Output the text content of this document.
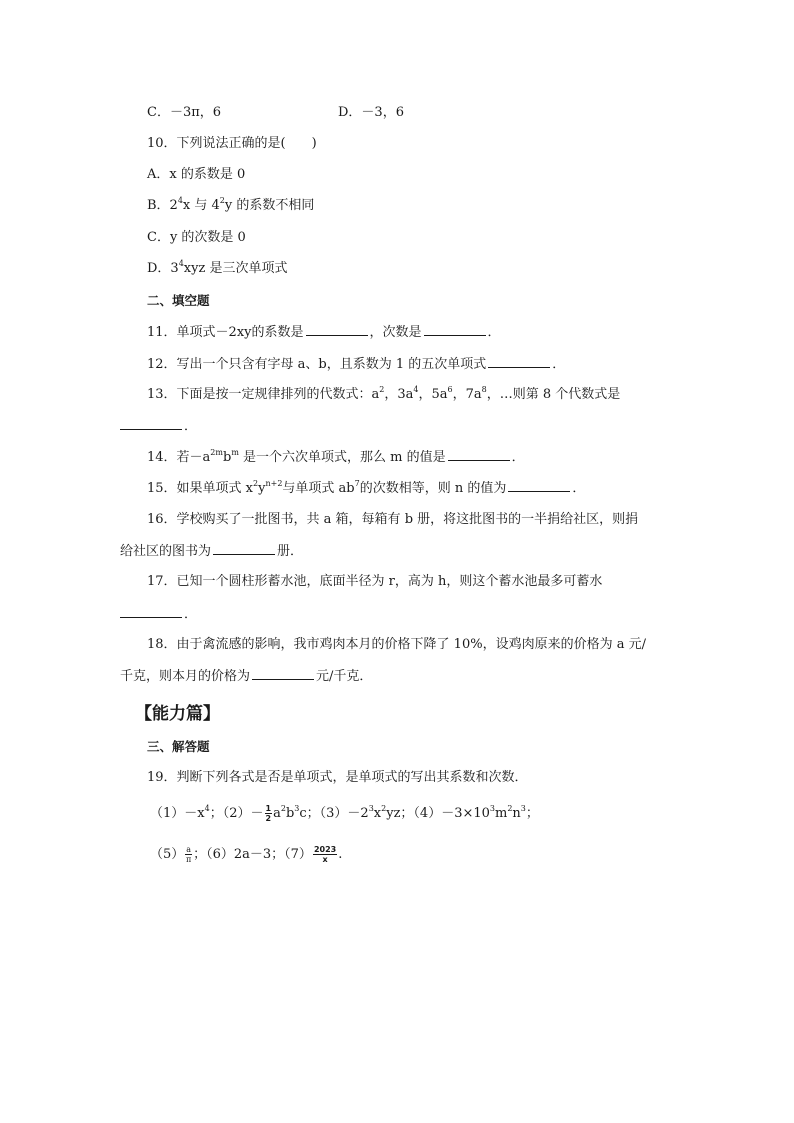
C．－3π，6	D．－3，6
10．下列说法正确的是(　　)
A．x 的系数是 0
B．$2^4x$ 与 $4^2y$ 的系数不相同
C．y 的次数是 0
D．$3^4xyz$ 是三次单项式
二、填空题
11．单项式－2xy的系数是	，次数是	．
12．写出一个只含有字母 a、b，且系数为 1 的五次单项式	．
13．下面是按一定规律排列的代数式：$a^2$，$3a^4$，$5a^6$，$7a^8$，…则第 8 个代数式是
．
14．若$-a^{2m}b^m$ 是一个六次单项式，那么 m 的值是	．
15．如果单项式 $x^2y^{n+2}$与单项式 $ab^7$的次数相等，则 n 的值为	．
16．学校购买了一批图书，共 a 箱，每箱有 b 册，将这批图书的一半捐给社区，则捐
给社区的图书为	册．
17．已知一个圆柱形蓄水池，底面半径为 r，高为 h，则这个蓄水池最多可蓄水
．
18．由于禽流感的影响，我市鸡肉本月的价格下降了 10%，设鸡肉原来的价格为 a 元/
千克，则本月的价格为	元/千克．
【能力篇】
三、解答题
19．判断下列各式是否是单项式，是单项式的写出其系数和次数．
$(1)-x^4$；$(2)- \frac{1}{2} a^2b^3c$；$(3)-2^3x^2yz$；$(4)-3\times 10^3m^2n^3$；
$(5) \frac{a}{\pi}$ ；（6）2a－3；$(7) \frac{2023}{x}$ .
